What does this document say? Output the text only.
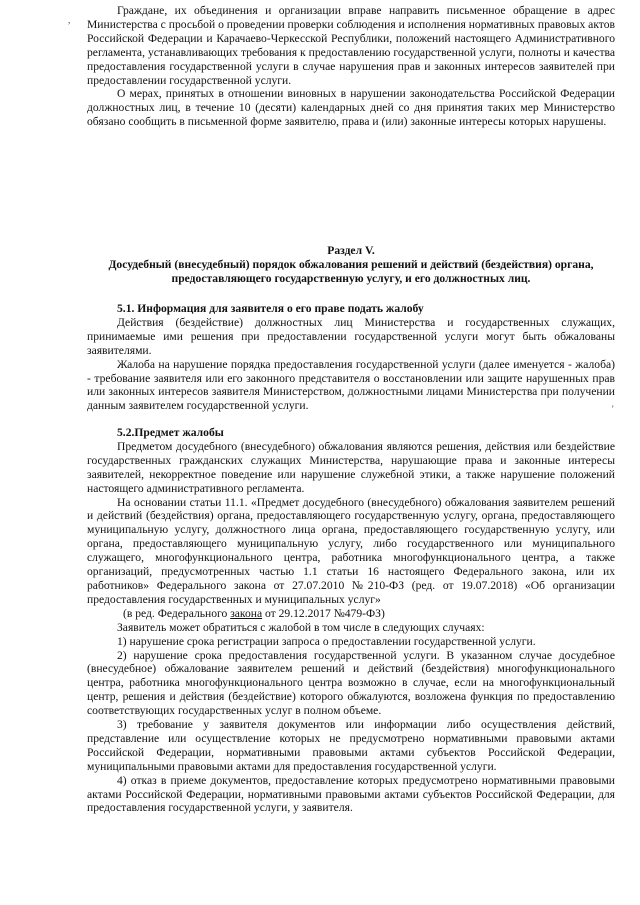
,
'

Граждане, их объединения и организации вправе направить письменное обращение в адрес Министерства с просьбой о проведении проверки соблюдения и исполнения нормативных правовых актов Российской Федерации и Карачаево-Черкесской Республики, положений настоящего Административного регламента, устанавливающих требования к предоставлению государственной услуги, полноты и качества предоставления государственной услуги в случае нарушения прав и законных интересов заявителей при предоставлении государственной услуги.

О мерах, принятых в отношении виновных в нарушении законодательства Российской Федерации должностных лиц, в течение 10 (десяти) календарных дней со дня принятия таких мер Министерство обязано сообщить в письменной форме заявителю, права и (или) законные интересы которых нарушены.

Раздел V.

Досудебный (внесудебный) порядок обжалования решений и действий (бездействия) органа, предоставляющего государственную услугу, и его должностных лиц.

5.1. Информация для заявителя о его праве подать жалобу

Действия (бездействие) должностных лиц Министерства и государственных служащих, принимаемые ими решения при предоставлении государственной услуги могут быть обжалованы заявителями.

Жалоба на нарушение порядка предоставления государственной услуги (далее именуется - жалоба) - требование заявителя или его законного представителя о восстановлении или защите нарушенных прав или законных интересов заявителя Министерством, должностными лицами Министерства при получении данным заявителем государственной услуги.

5.2.Предмет жалобы

Предметом досудебного (внесудебного) обжалования являются решения, действия или бездействие государственных гражданских служащих Министерства, нарушающие права и законные интересы заявителей, некорректное поведение или нарушение служебной этики, а также нарушение положений настоящего административного регламента.

На основании статьи 11.1. «Предмет досудебного (внесудебного) обжалования заявителем решений и действий (бездействия) органа, предоставляющего государственную услугу, органа, предоставляющего муниципальную услугу, должностного лица органа, предоставляющего государственную услугу, или органа, предоставляющего муниципальную услугу, либо государственного или муниципального служащего, многофункционального центра, работника многофункционального центра, а также организаций, предусмотренных частью 1.1 статьи 16 настоящего Федерального закона, или их работников» Федерального закона от 27.07.2010 №210-ФЗ (ред. от 19.07.2018) «Об организации предоставления государственных и муниципальных услуг»

(в ред. Федерального закона от 29.12.2017 №479-ФЗ)

Заявитель может обратиться с жалобой в том числе в следующих случаях:

1) нарушение срока регистрации запроса о предоставлении государственной услуги.

2) нарушение срока предоставления государственной услуги. В указанном случае досудебное (внесудебное) обжалование заявителем решений и действий (бездействия) многофункционального центра, работника многофункционального центра возможно в случае, если на многофункциональный центр, решения и действия (бездействие) которого обжалуются, возложена функция по предоставлению соответствующих государственных услуг в полном объеме.

3) требование у заявителя документов или информации либо осуществления действий, представление или осуществление которых не предусмотрено нормативными правовыми актами Российской Федерации, нормативными правовыми актами субъектов Российской Федерации, муниципальными правовыми актами для предоставления государственной услуги.

4) отказ в приеме документов, предоставление которых предусмотрено нормативными правовыми актами Российской Федерации, нормативными правовыми актами субъектов Российской Федерации, для предоставления государственной услуги, у заявителя.
